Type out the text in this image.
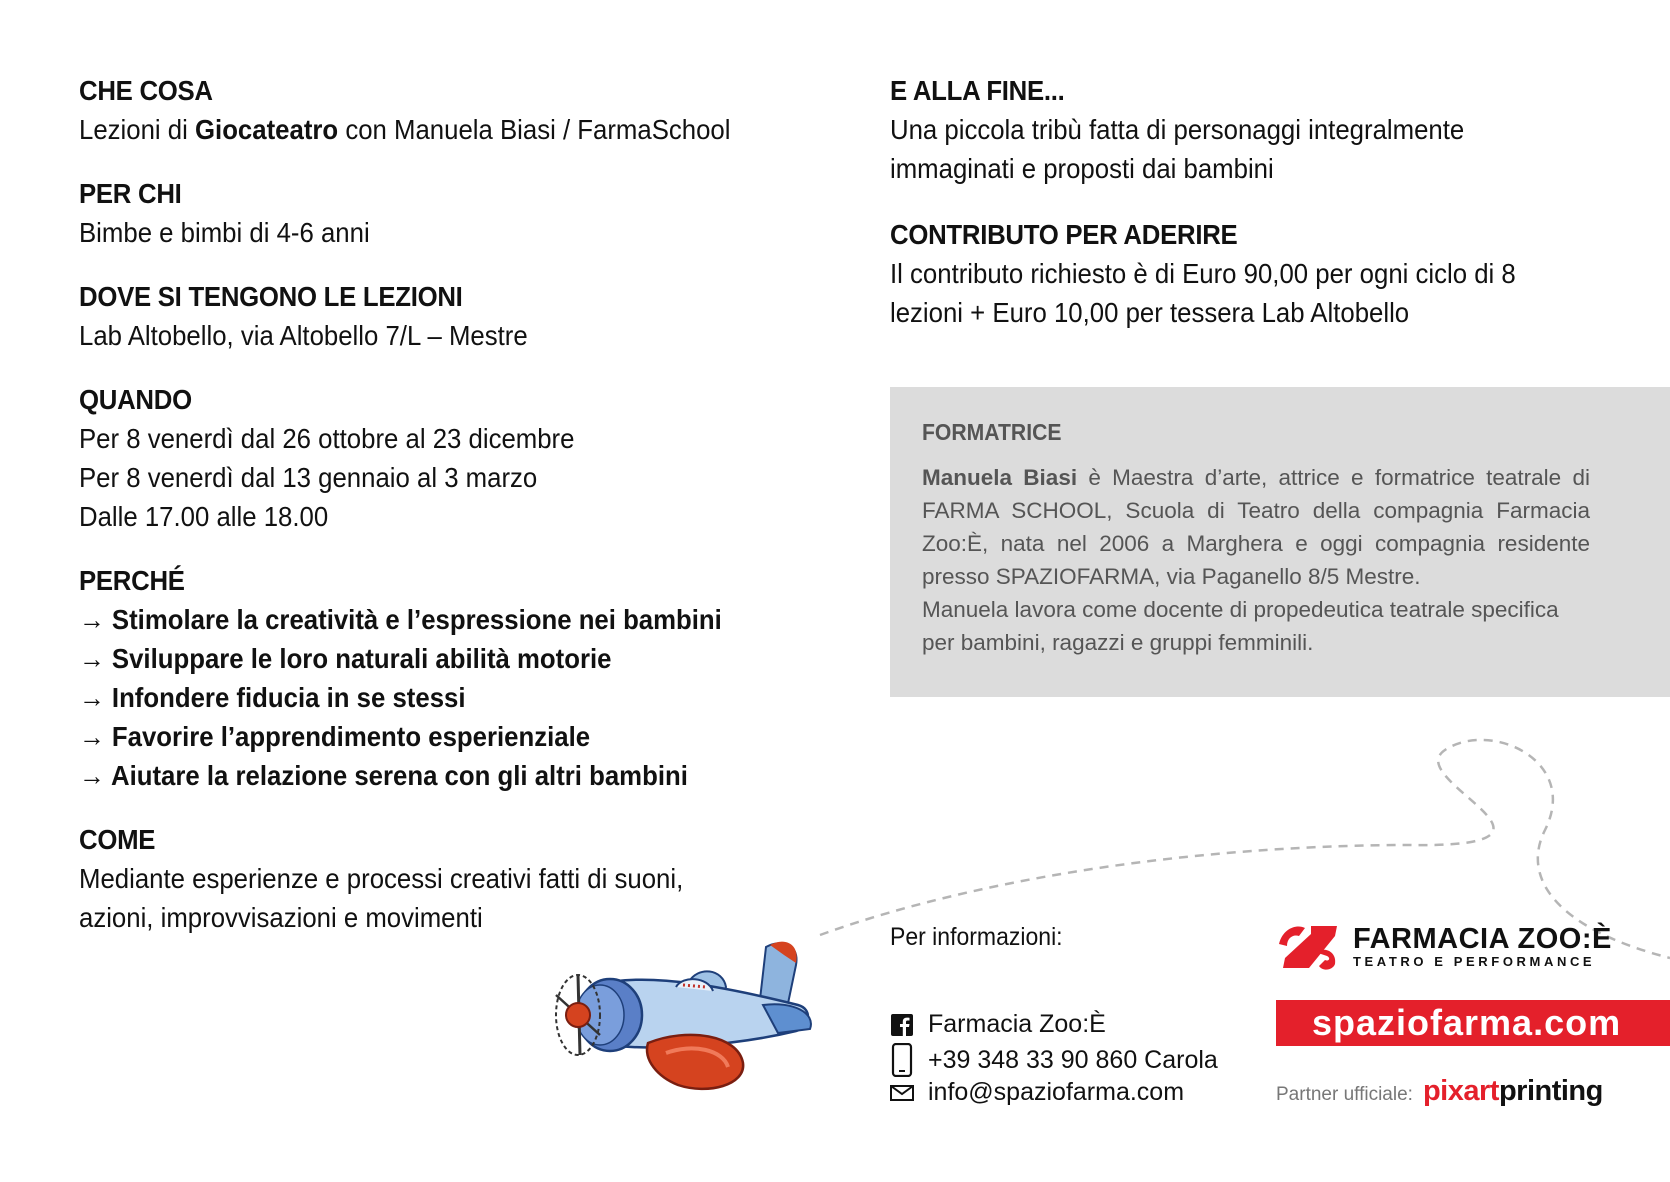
CHE COSA
Lezioni di Giocateatro con Manuela Biasi / FarmaSchool
PER CHI
Bimbe e bimbi di 4-6 anni
DOVE SI TENGONO LE LEZIONI
Lab Altobello, via Altobello 7/L – Mestre
QUANDO
Per 8 venerdì dal 26 ottobre al 23 dicembre
Per 8 venerdì dal 13 gennaio al 3 marzo
Dalle 17.00 alle 18.00
PERCHÉ
→ Stimolare la creatività e l’espressione nei bambini
→ Sviluppare le loro naturali abilità motorie
→ Infondere fiducia in se stessi
→ Favorire l’apprendimento esperienziale
→ Aiutare la relazione serena con gli altri bambini
COME
Mediante esperienze e processi creativi fatti di suoni,
azioni, improvvisazioni e movimenti
E ALLA FINE...
Una piccola tribù fatta di personaggi integralmente
immaginati e proposti dai bambini
CONTRIBUTO PER ADERIRE
Il contributo richiesto è di Euro 90,00 per ogni ciclo di 8
lezioni + Euro 10,00 per tessera Lab Altobello
FORMATRICE
Manuela Biasi è Maestra d’arte, attrice e formatrice teatrale di FARMA SCHOOL, Scuola di Teatro della compagnia Farmacia Zoo:È, nata nel 2006 a Marghera e oggi compagnia residente presso SPAZIOFARMA, via Paganello 8/5 Mestre.
Manuela lavora come docente di propedeutica teatrale specifica per bambini, ragazzi e gruppi femminili.
Per informazioni:
Farmacia Zoo:È
+39 348 33 90 860 Carola
info@spaziofarma.com
FARMACIA ZOO:È
TEATRO E PERFORMANCE
spaziofarma.com
Partner ufficiale: pixart printing
